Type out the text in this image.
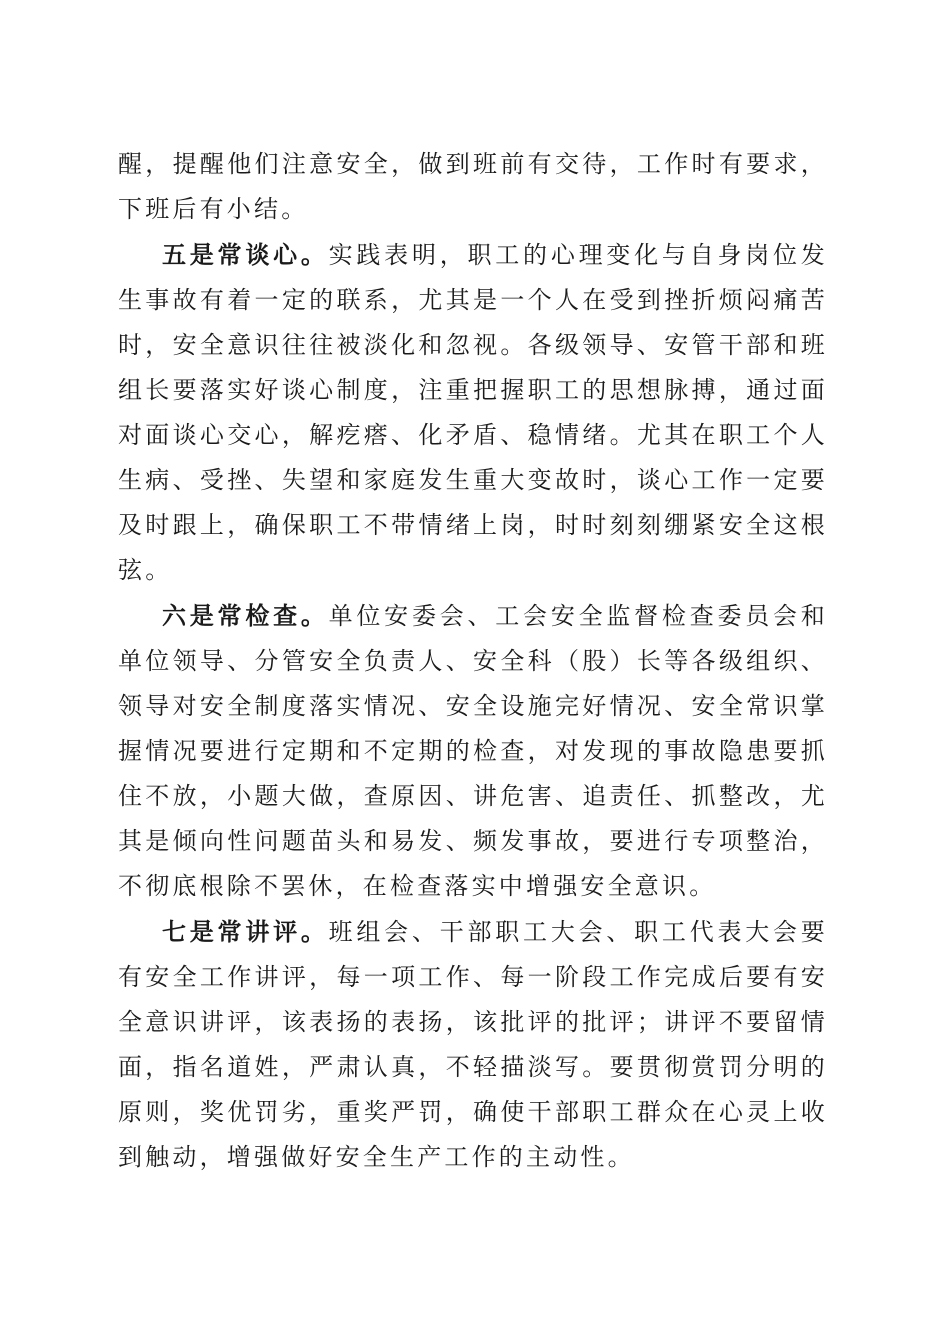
醒，提醒他们注意安全，做到班前有交待，工作时有要求，下班后有小结。

五是常谈心。实践表明，职工的心理变化与自身岗位发生事故有着一定的联系，尤其是一个人在受到挫折烦闷痛苦时，安全意识往往被淡化和忽视。各级领导、安管干部和班组长要落实好谈心制度，注重把握职工的思想脉搏，通过面对面谈心交心，解疙瘩、化矛盾、稳情绪。尤其在职工个人生病、受挫、失望和家庭发生重大变故时，谈心工作一定要及时跟上，确保职工不带情绪上岗，时时刻刻绷紧安全这根弦。

六是常检查。单位安委会、工会安全监督检查委员会和单位领导、分管安全负责人、安全科（股）长等各级组织、领导对安全制度落实情况、安全设施完好情况、安全常识掌握情况要进行定期和不定期的检查，对发现的事故隐患要抓住不放，小题大做，查原因、讲危害、追责任、抓整改，尤其是倾向性问题苗头和易发、频发事故，要进行专项整治，不彻底根除不罢休，在检查落实中增强安全意识。

七是常讲评。班组会、干部职工大会、职工代表大会要有安全工作讲评，每一项工作、每一阶段工作完成后要有安全意识讲评，该表扬的表扬，该批评的批评；讲评不要留情面，指名道姓，严肃认真，不轻描淡写。要贯彻赏罚分明的原则，奖优罚劣，重奖严罚，确使干部职工群众在心灵上收到触动，增强做好安全生产工作的主动性。
